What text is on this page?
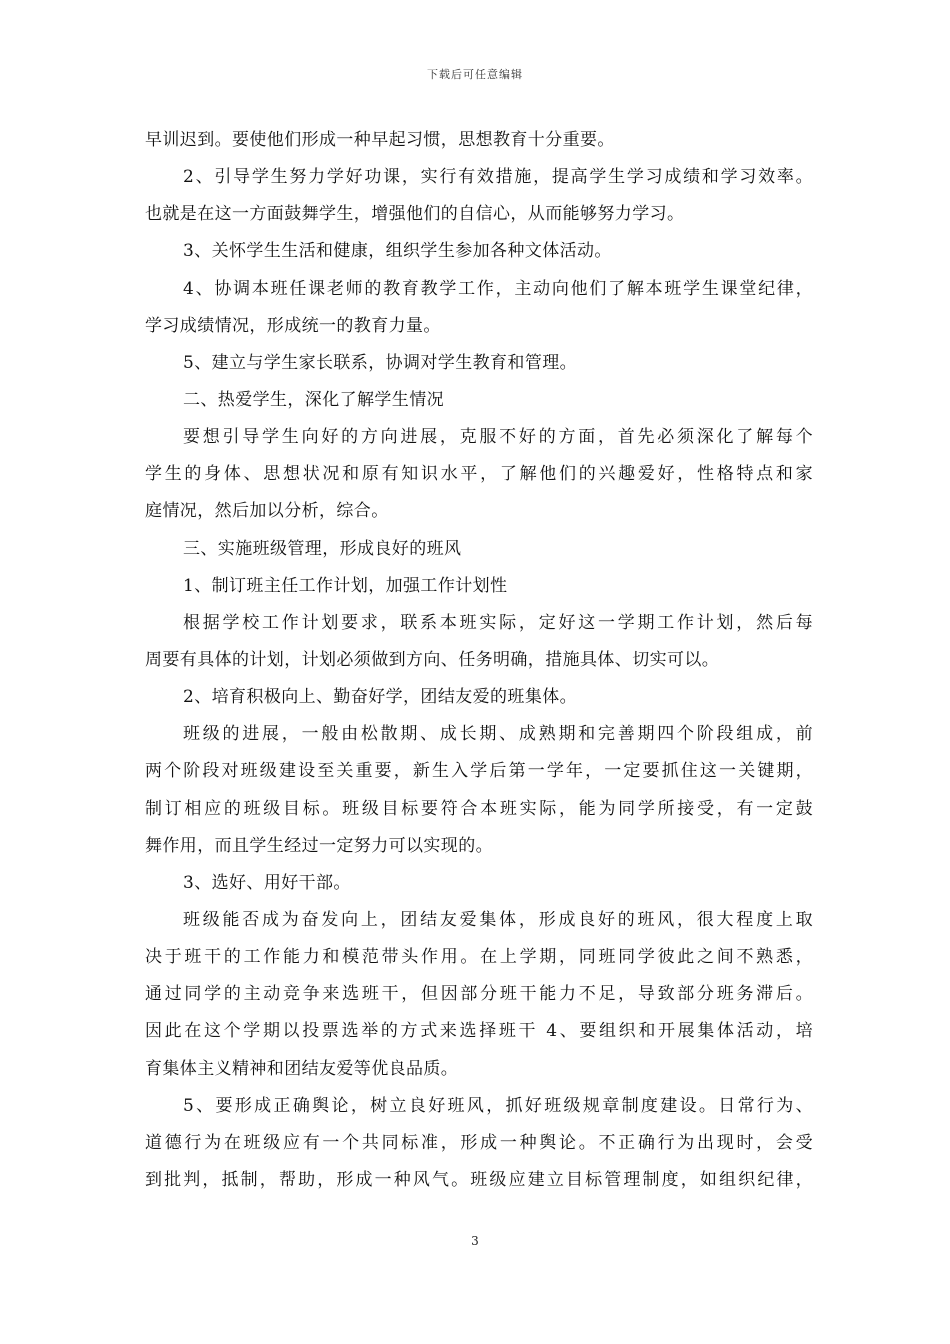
下载后可任意编辑
早训迟到。要使他们形成一种早起习惯，思想教育十分重要。
2、引导学生努力学好功课，实行有效措施，提高学生学习成绩和学习效率。
也就是在这一方面鼓舞学生，增强他们的自信心，从而能够努力学习。
3、关怀学生生活和健康，组织学生参加各种文体活动。
4、协调本班任课老师的教育教学工作，主动向他们了解本班学生课堂纪律，
学习成绩情况，形成统一的教育力量。
5、建立与学生家长联系，协调对学生教育和管理。
二、热爱学生，深化了解学生情况
要想引导学生向好的方向进展，克服不好的方面，首先必须深化了解每个
学生的身体、思想状况和原有知识水平，了解他们的兴趣爱好，性格特点和家
庭情况，然后加以分析，综合。
三、实施班级管理，形成良好的班风
1、制订班主任工作计划，加强工作计划性
根据学校工作计划要求，联系本班实际，定好这一学期工作计划，然后每
周要有具体的计划，计划必须做到方向、任务明确，措施具体、切实可以。
2、培育积极向上、勤奋好学，团结友爱的班集体。
班级的进展，一般由松散期、成长期、成熟期和完善期四个阶段组成，前
两个阶段对班级建设至关重要，新生入学后第一学年，一定要抓住这一关键期，
制订相应的班级目标。班级目标要符合本班实际，能为同学所接受，有一定鼓
舞作用，而且学生经过一定努力可以实现的。
3、选好、用好干部。
班级能否成为奋发向上，团结友爱集体，形成良好的班风，很大程度上取
决于班干的工作能力和模范带头作用。在上学期，同班同学彼此之间不熟悉，
通过同学的主动竞争来选班干，但因部分班干能力不足，导致部分班务滞后。
因此在这个学期以投票选举的方式来选择班干 4、要组织和开展集体活动，培
育集体主义精神和团结友爱等优良品质。
5、要形成正确舆论，树立良好班风，抓好班级规章制度建设。日常行为、
道德行为在班级应有一个共同标准，形成一种舆论。不正确行为出现时，会受
到批判，抵制，帮助，形成一种风气。班级应建立目标管理制度，如组织纪律，
3
